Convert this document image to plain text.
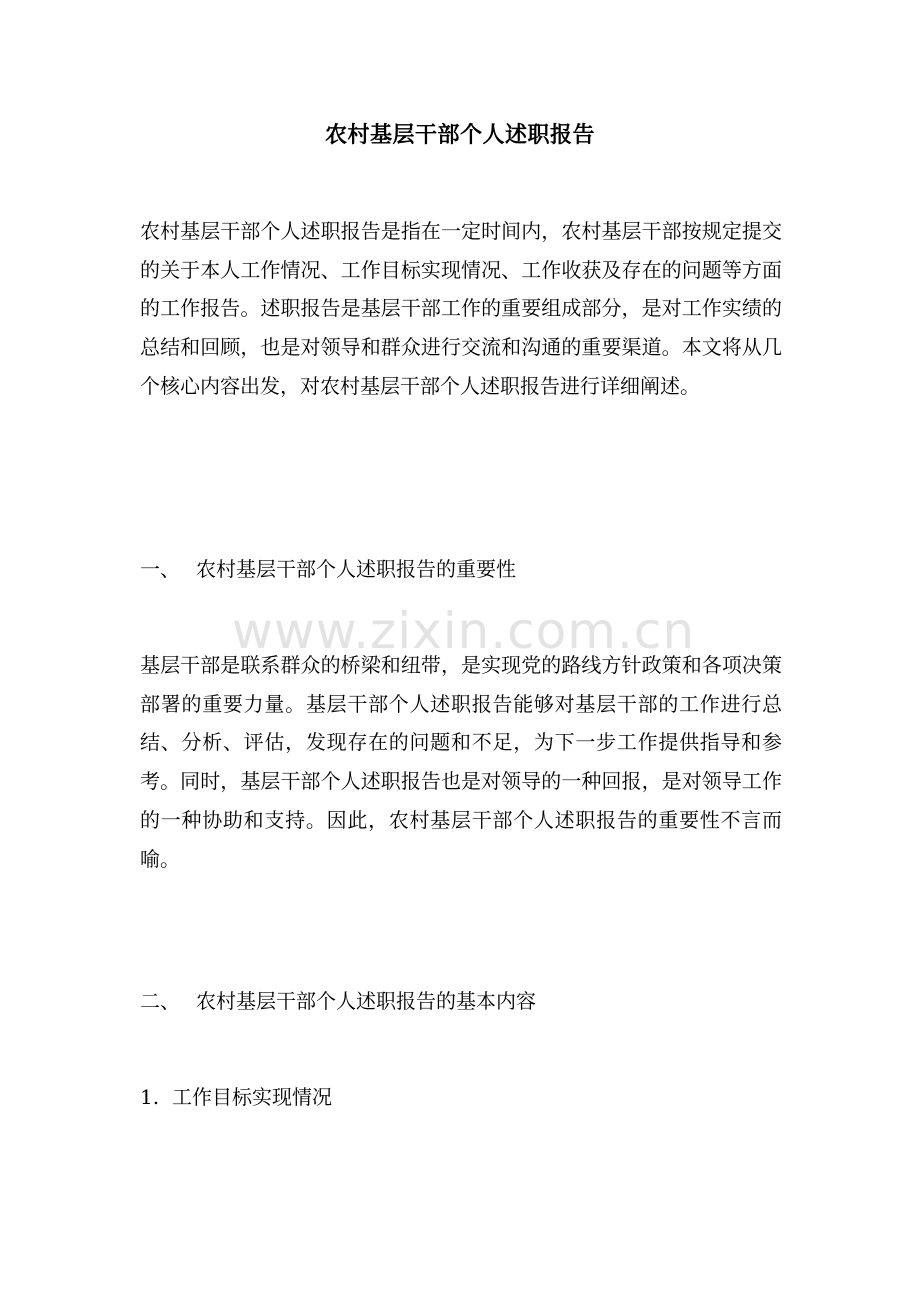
www.zixin.com.cn
农村基层干部个人述职报告
农村基层干部个人述职报告是指在一定时间内，农村基层干部按规定提交的关于本人工作情况、工作目标实现情况、工作收获及存在的问题等方面的工作报告。述职报告是基层干部工作的重要组成部分，是对工作实绩的总结和回顾，也是对领导和群众进行交流和沟通的重要渠道。本文将从几个核心内容出发，对农村基层干部个人述职报告进行详细阐述。
一、 农村基层干部个人述职报告的重要性
基层干部是联系群众的桥梁和纽带，是实现党的路线方针政策和各项决策部署的重要力量。基层干部个人述职报告能够对基层干部的工作进行总结、分析、评估，发现存在的问题和不足，为下一步工作提供指导和参考。同时，基层干部个人述职报告也是对领导的一种回报，是对领导工作的一种协助和支持。因此，农村基层干部个人述职报告的重要性不言而喻。
二、 农村基层干部个人述职报告的基本内容
1. 工作目标实现情况
